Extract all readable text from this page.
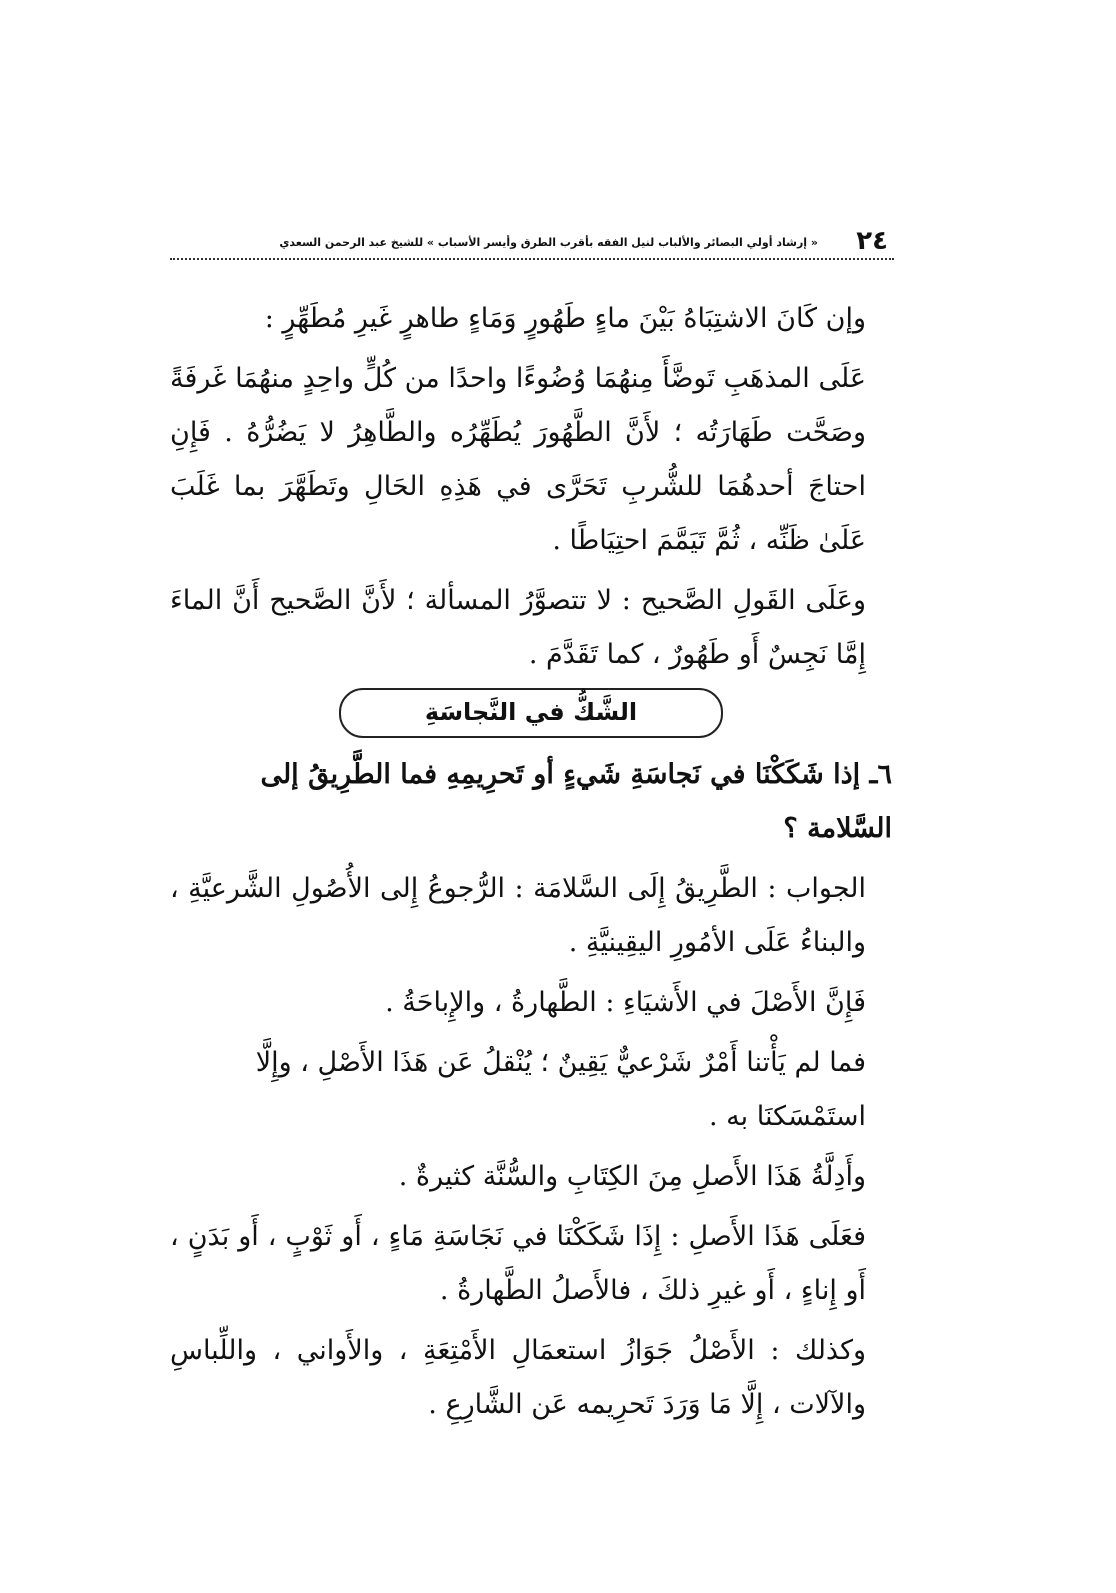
٢٤
« إرشاد أولي البصائر والألباب لنيل الفقه بأقرب الطرق وأيسر الأسباب » للشيخ عبد الرحمن السعدي

وإن كَانَ الاشتِبَاهُ بَيْنَ ماءٍ طَهُورٍ وَمَاءٍ طاهرٍ غَيرِ مُطَهِّرٍ :

عَلَى المذهَبِ تَوضَّأَ مِنهُمَا وُضُوءًا واحدًا من كُلٍّ واحِدٍ منهُمَا غَرفَةً وصَحَّت طَهَارَتُه ؛ لأَنَّ الطَّهُورَ يُطَهِّرُه والطَّاهِرُ لا يَضُرُّهُ . فَإِنِ احتاجَ أحدهُمَا للشُّربِ تَحَرَّى في هَذِهِ الحَالِ وتَطَهَّرَ بما غَلَبَ عَلَىٰ ظَنِّه ، ثُمَّ تَيَمَّمَ احتِيَاطًا .

وعَلَى القَولِ الصَّحيح : لا تتصوَّرُ المسألة ؛ لأَنَّ الصَّحيح أَنَّ الماءَ إِمَّا نَجِسٌ أَو طَهُورٌ ، كما تَقَدَّمَ .

الشَّكُّ في النَّجاسَةِ

٦ـ إذا شَكَكْنَا في نَجاسَةِ شَيءٍ أو تَحرِيمِهِ فما الطَّرِيقُ إلى السَّلامة ؟

الجواب : الطَّرِيقُ إِلَى السَّلامَة : الرُّجوعُ إِلى الأُصُولِ الشَّرعيَّةِ ، والبناءُ عَلَى الأمُورِ اليقِينيَّةِ .

فَإِنَّ الأَصْلَ في الأَشيَاءِ : الطَّهارةُ ، والإِباحَةُ .

فما لم يَأْتنا أَمْرٌ شَرْعيٌّ يَقِينٌ ؛ يُنْقلُ عَن هَذَا الأَصْلِ ، وإِلَّا استَمْسَكنَا به .

وأَدِلَّةُ هَذَا الأَصلِ مِنَ الكِتَابِ والسُّنَّة كثيرةٌ .

فعَلَى هَذَا الأَصلِ : إِذَا شَكَكْنَا في نَجَاسَةِ مَاءٍ ، أَو ثَوْبٍ ، أَو بَدَنٍ ، أَو إِناءٍ ، أَو غيرِ ذلكَ ، فالأَصلُ الطَّهارةُ .

وكذلك : الأَصْلُ جَوَازُ استعمَالِ الأَمْتِعَةِ ، والأَواني ، واللِّباسِ والآلات ، إِلَّا مَا وَرَدَ تَحرِيمه عَن الشَّارِعِ .
